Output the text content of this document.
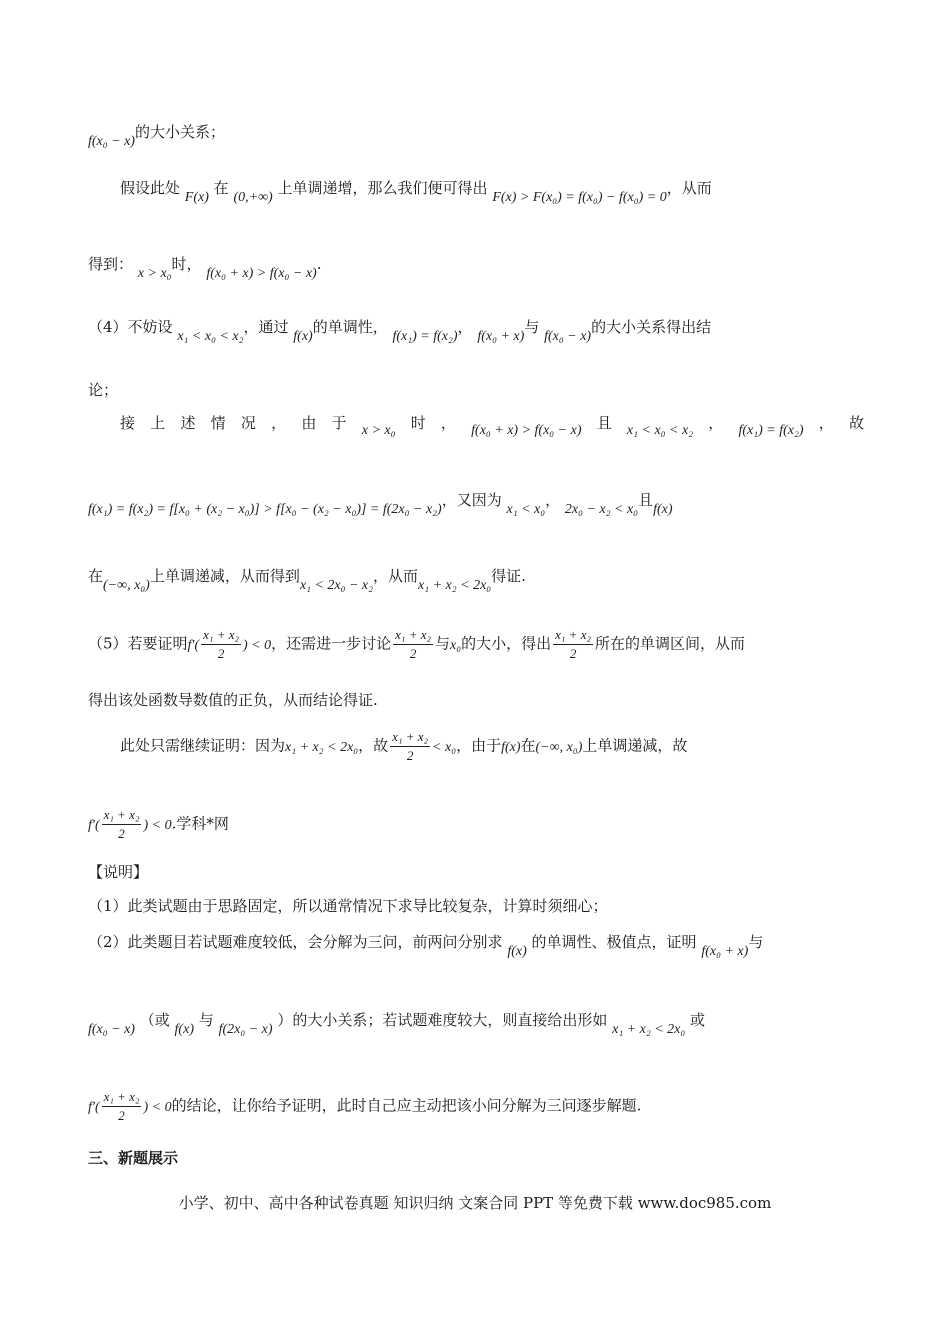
f(x₀ − x)的大小关系；
假设此处 F(x) 在 (0,+∞) 上单调递增，那么我们便可得出 F(x) > F(x₀) = f(x₀) − f(x₀) = 0，从而
得到： x > x₀时， f(x₀ + x) > f(x₀ − x).
（4）不妨设 x₁ < x₀ < x₂，通过 f(x)的单调性， f(x₁) = f(x₂)， f(x₀ + x)与 f(x₀ − x)的大小关系得出结
论；
接 上 述 情 况 ， 由 于 x > x₀ 时 ， f(x₀ + x) > f(x₀ − x) 且 x₁ < x₀ < x₂ ， f(x₁) = f(x₂) ， 故
f(x₁) = f(x₂) = f[x₀ + (x₂ − x₀)] > f[x₀ − (x₂ − x₀)] = f(2x₀ − x₂)，又因为 x₁ < x₀， 2x₀ − x₂ < x₀且f(x)
在(−∞, x₀)上单调递减，从而得到x₁ < 2x₀ − x₂，从而x₁ + x₂ < 2x₀得证.
（5）若要证明$f'( \frac{\text{x₁ + x₂}}{2}$ ) < 0，还需进一步讨论 $\frac{\text{x₁ + x₂}}{2}$ 与x₀的大小，得出 $\frac{\text{x₁ + x₂}}{2}$ 所在的单调区间，从而
得出该处函数导数值的正负，从而结论得证.
此处只需继续证明：因为x₁ + x₂ < 2x₀，故 $\frac{\text{x₁ + x₂}}{2} < x_0$，由于f(x)在(−∞, x₀)上单调递减，故
$f'( \frac{\text{x₁ + x₂}}{2}$ ) < 0.学科*网
【说明】
（1）此类试题由于思路固定，所以通常情况下求导比较复杂，计算时须细心；
（2）此类题目若试题难度较低，会分解为三问，前两问分别求 f(x) 的单调性、极值点，证明 f(x₀ + x)与
f(x₀ − x) （或 f(x) 与 f(2x₀ − x) ）的大小关系；若试题难度较大，则直接给出形如 x₁ + x₂ < 2x₀ 或
$f'( \frac{\text{x₁ + x₂}}{2}$ ) < 0的结论，让你给予证明，此时自己应主动把该小问分解为三问逐步解题.
三、新题展示
小学、初中、高中各种试卷真题 知识归纳 文案合同 PPT 等免费下载 www.doc985.com
